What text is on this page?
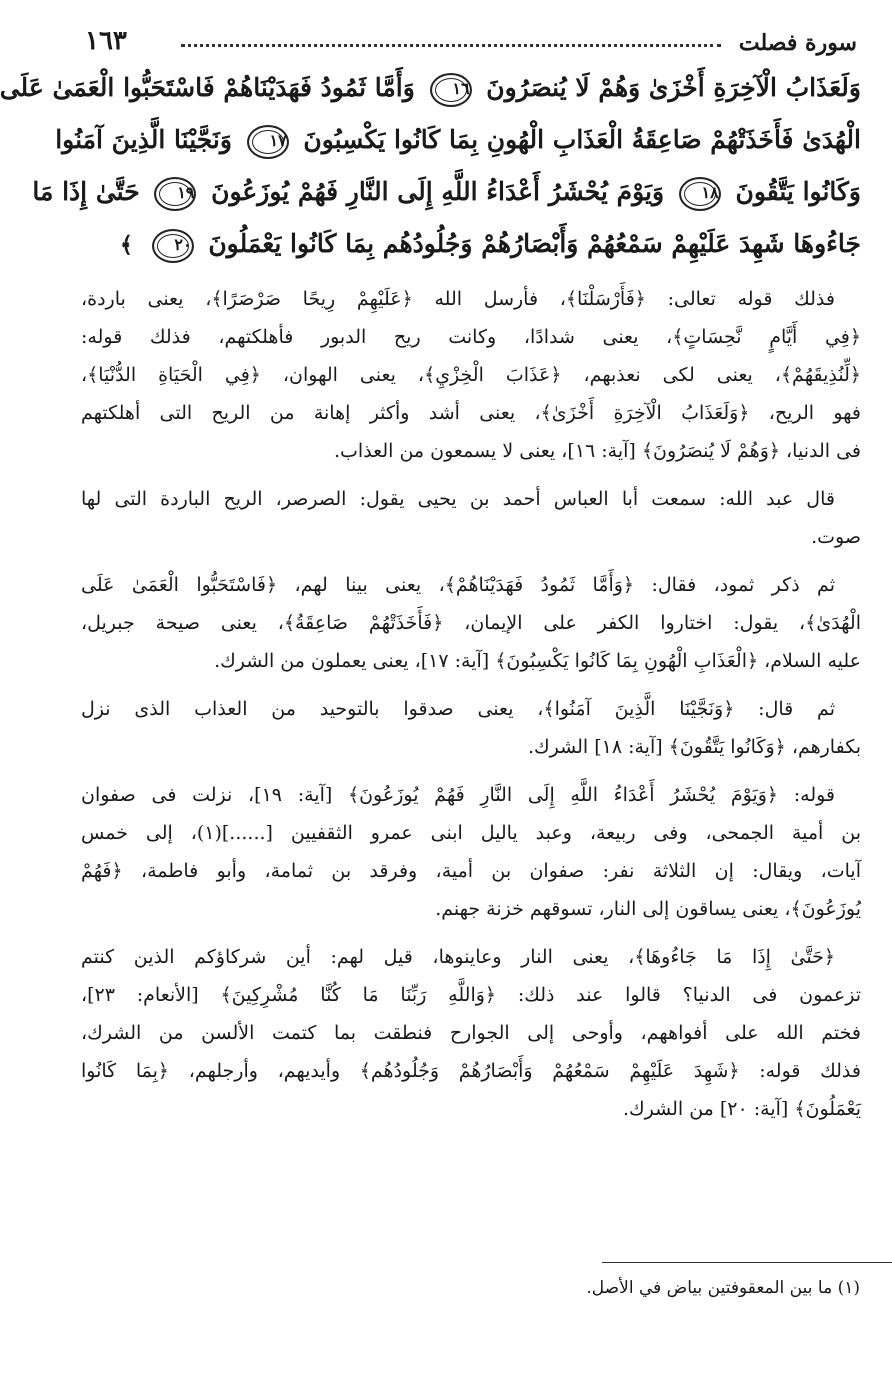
سورة فصلت
١٦٣
وَلَعَذَابُ الْآخِرَةِ أَخْزَىٰ وَهُمْ لَا يُنصَرُونَ ١٦ وَأَمَّا ثَمُودُ فَهَدَيْنَاهُمْ فَاسْتَحَبُّوا الْعَمَىٰ عَلَى
الْهُدَىٰ فَأَخَذَتْهُمْ صَاعِقَةُ الْعَذَابِ الْهُونِ بِمَا كَانُوا يَكْسِبُونَ ١٧ وَنَجَّيْنَا الَّذِينَ آمَنُوا
وَكَانُوا يَتَّقُونَ ١٨ وَيَوْمَ يُحْشَرُ أَعْدَاءُ اللَّهِ إِلَى النَّارِ فَهُمْ يُوزَعُونَ ١٩ حَتَّىٰ إِذَا مَا
جَاءُوهَا شَهِدَ عَلَيْهِمْ سَمْعُهُمْ وَأَبْصَارُهُمْ وَجُلُودُهُم بِمَا كَانُوا يَعْمَلُونَ ٢٠ ﴾
فذلك قوله تعالى: ﴿فَأَرْسَلْنَا﴾، فأرسل الله ﴿عَلَيْهِمْ رِيحًا صَرْصَرًا﴾، يعنى باردة،
﴿فِي أَيَّامٍ نَّحِسَاتٍ﴾، يعنى شدادًا، وكانت ريح الدبور فأهلكتهم، فذلك قوله:
﴿لِّنُذِيقَهُمْ﴾، يعنى لكى نعذبهم، ﴿عَذَابَ الْخِزْيِ﴾، يعنى الهوان، ﴿فِي الْحَيَاةِ الدُّنْيَا﴾،
فهو الريح، ﴿وَلَعَذَابُ الْآخِرَةِ أَخْزَىٰ﴾، يعنى أشد وأكثر إهانة من الريح التى أهلكتهم
فى الدنيا، ﴿وَهُمْ لَا يُنصَرُونَ﴾ [آية: ١٦]، يعنى لا يسمعون من العذاب.
قال عبد الله: سمعت أبا العباس أحمد بن يحيى يقول: الصرصر، الريح الباردة التى لها
صوت.
ثم ذكر ثمود، فقال: ﴿وَأَمَّا ثَمُودُ فَهَدَيْنَاهُمْ﴾، يعنى بينا لهم، ﴿فَاسْتَحَبُّوا الْعَمَىٰ عَلَى
الْهُدَىٰ﴾، يقول: اختاروا الكفر على الإيمان، ﴿فَأَخَذَتْهُمْ صَاعِقَةُ﴾، يعنى صيحة جبريل،
عليه السلام، ﴿الْعَذَابِ الْهُونِ بِمَا كَانُوا يَكْسِبُونَ﴾ [آية: ١٧]، يعنى يعملون من الشرك.
ثم قال: ﴿وَنَجَّيْنَا الَّذِينَ آمَنُوا﴾، يعنى صدقوا بالتوحيد من العذاب الذى نزل
بكفارهم، ﴿وَكَانُوا يَتَّقُونَ﴾ [آية: ١٨] الشرك.
قوله: ﴿وَيَوْمَ يُحْشَرُ أَعْدَاءُ اللَّهِ إِلَى النَّارِ فَهُمْ يُوزَعُونَ﴾ [آية: ١٩]، نزلت فى صفوان
بن أمية الجمحى، وفى ربيعة، وعبد ياليل ابنى عمرو الثقفيين [......](١)، إلى خمس
آيات، ويقال: إن الثلاثة نفر: صفوان بن أمية، وفرقد بن ثمامة، وأبو فاطمة، ﴿فَهُمْ
يُوزَعُونَ﴾، يعنى يساقون إلى النار، تسوقهم خزنة جهنم.
﴿حَتَّىٰ إِذَا مَا جَاءُوهَا﴾، يعنى النار وعاينوها، قيل لهم: أين شركاؤكم الذين كنتم
تزعمون فى الدنيا؟ قالوا عند ذلك: ﴿وَاللَّهِ رَبِّنَا مَا كُنَّا مُشْرِكِينَ﴾ [الأنعام: ٢٣]،
فختم الله على أفواههم، وأوحى إلى الجوارح فنطقت بما كتمت الألسن من الشرك،
فذلك قوله: ﴿شَهِدَ عَلَيْهِمْ سَمْعُهُمْ وَأَبْصَارُهُمْ وَجُلُودُهُم﴾ وأيديهم، وأرجلهم، ﴿بِمَا كَانُوا
يَعْمَلُونَ﴾ [آية: ٢٠] من الشرك.
(١) ما بين المعقوفتين بياض في الأصل.
